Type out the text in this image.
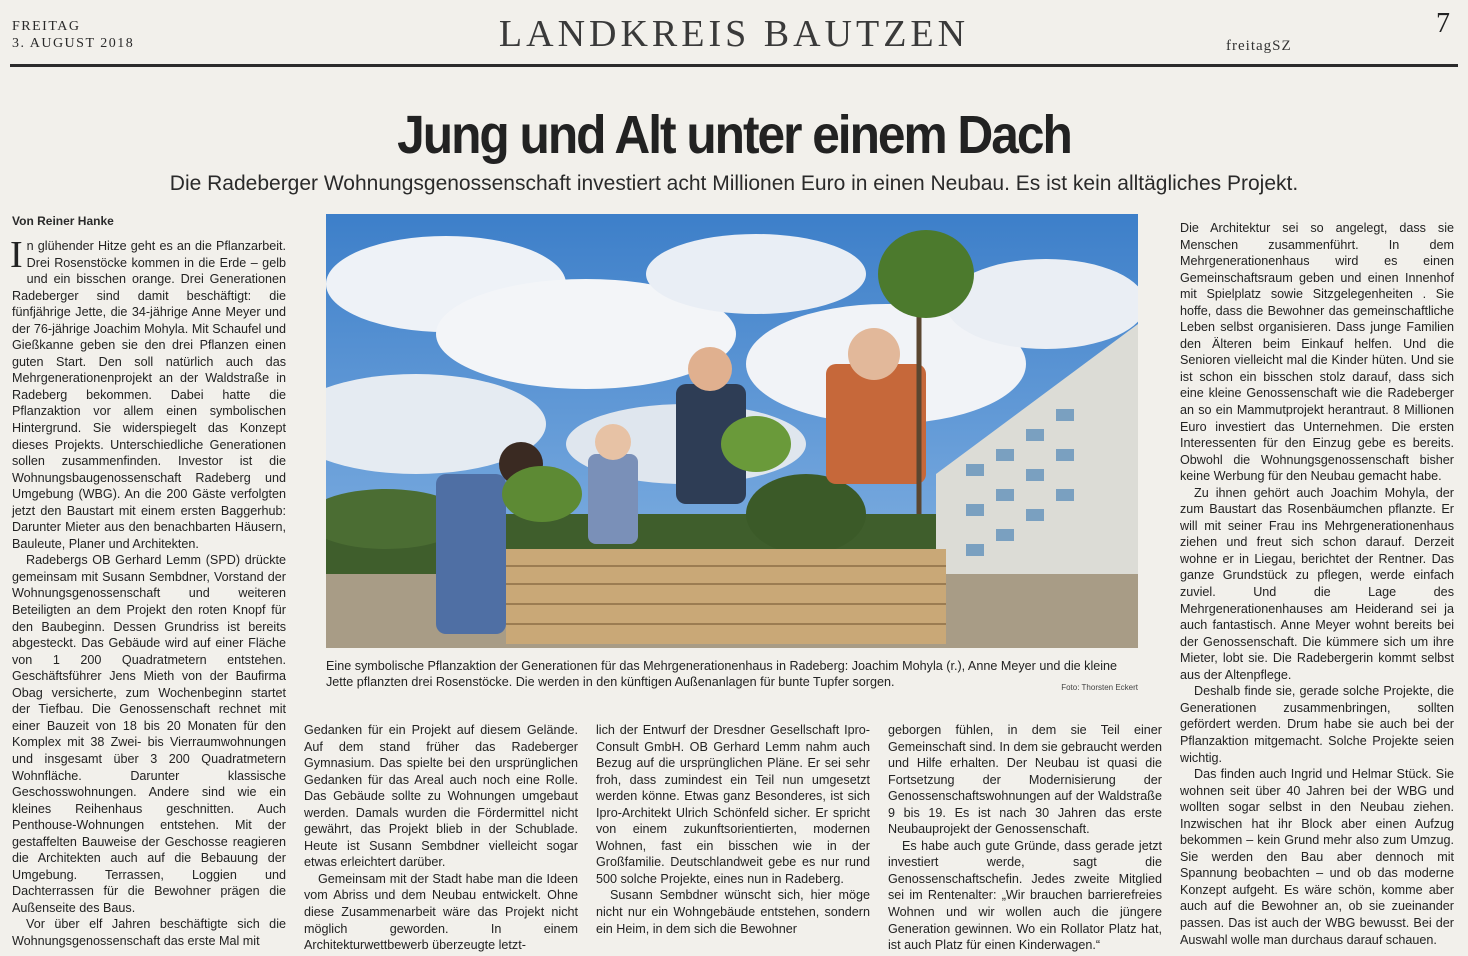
FREITAG
3. AUGUST 2018	LANDKREIS BAUTZEN	freitagSZ
7
Jung und Alt unter einem Dach
Die Radeberger Wohnungsgenossenschaft investiert acht Millionen Euro in einen Neubau. Es ist kein alltägliches Projekt.
Von Reiner Hanke

In glühender Hitze geht es an die Pflanzarbeit. Drei Rosenstöcke kommen in die Erde – gelb und ein bisschen orange. Drei Generationen Radeberger sind damit beschäftigt: die fünfjährige Jette, die 34-jährige Anne Meyer und der 76-jährige Joachim Mohyla. Mit Schaufel und Gießkanne geben sie den drei Pflanzen einen guten Start. Den soll natürlich auch das Mehrgenerationenprojekt an der Waldstraße in Radeberg bekommen. Dabei hatte die Pflanzaktion vor allem einen symbolischen Hintergrund. Sie widerspiegelt das Konzept dieses Projekts. Unterschiedliche Generationen sollen zusammenfinden. Investor ist die Wohnungsbaugenossenschaft Radeberg und Umgebung (WBG). An die 200 Gäste verfolgten jetzt den Baustart mit einem ersten Baggerhub: Darunter Mieter aus den benachbarten Häusern, Bauleute, Planer und Architekten.

Radebergs OB Gerhard Lemm (SPD) drückte gemeinsam mit Susann Sembdner, Vorstand der Wohnungsgenossenschaft und weiteren Beteiligten an dem Projekt den roten Knopf für den Baubeginn. Dessen Grundriss ist bereits abgesteckt. Das Gebäude wird auf einer Fläche von 1 200 Quadratmetern entstehen. Geschäftsführer Jens Mieth von der Baufirma Obag versicherte, zum Wochenbeginn startet der Tiefbau. Die Genossenschaft rechnet mit einer Bauzeit von 18 bis 20 Monaten für den Komplex mit 38 Zwei- bis Vierraumwohnungen und insgesamt über 3 200 Quadratmetern Wohnfläche. Darunter klassische Geschosswohnungen. Andere sind wie ein kleines Reihenhaus geschnitten. Auch Penthouse-Wohnungen entstehen. Mit der gestaffelten Bauweise der Geschosse reagieren die Architekten auch auf die Bebauung der Umgebung. Terrassen, Loggien und Dachterrassen für die Bewohner prägen die Außenseite des Baus.

Vor über elf Jahren beschäftigte sich die Wohnungsgenossenschaft das erste Mal mit

Eine symbolische Pflanzaktion der Generationen für das Mehrgenerationenhaus in Radeberg: Joachim Mohyla (r.), Anne Meyer und die kleine Jette pflanzten drei Rosenstöcke. Die werden in den künftigen Außenanlagen für bunte Tupfer sorgen.	Foto: Thorsten Eckert

Gedanken für ein Projekt auf diesem Gelände. Auf dem stand früher das Radeberger Gymnasium. Das spielte bei den ursprünglichen Gedanken für das Areal auch noch eine Rolle. Das Gebäude sollte zu Wohnungen umgebaut werden. Damals wurden die Fördermittel nicht gewährt, das Projekt blieb in der Schublade. Heute ist Susann Sembdner vielleicht sogar etwas erleichtert darüber.

Gemeinsam mit der Stadt habe man die Ideen vom Abriss und dem Neubau entwickelt. Ohne diese Zusammenarbeit wäre das Projekt nicht möglich geworden. In einem Architekturwettbewerb überzeugte letzt-

lich der Entwurf der Dresdner Gesellschaft Ipro-Consult GmbH. OB Gerhard Lemm nahm auch Bezug auf die ursprünglichen Pläne. Er sei sehr froh, dass zumindest ein Teil nun umgesetzt werden könne. Etwas ganz Besonderes, ist sich Ipro-Architekt Ulrich Schönfeld sicher. Er spricht von einem zukunftsorientierten, modernen Wohnen, fast ein bisschen wie in der Großfamilie. Deutschlandweit gebe es nur rund 500 solche Projekte, eines nun in Radeberg.

Susann Sembdner wünscht sich, hier möge nicht nur ein Wohngebäude entstehen, sondern ein Heim, in dem sich die Bewohner

geborgen fühlen, in dem sie Teil einer Gemeinschaft sind. In dem sie gebraucht werden und Hilfe erhalten. Der Neubau ist quasi die Fortsetzung der Modernisierung der Genossenschaftswohnungen auf der Waldstraße 9 bis 19. Es ist nach 30 Jahren das erste Neubauprojekt der Genossenschaft.

Es habe auch gute Gründe, dass gerade jetzt investiert werde, sagt die Genossenschaftschefin. Jedes zweite Mitglied sei im Rentenalter: „Wir brauchen barrierefreies Wohnen und wir wollen auch die jüngere Generation gewinnen. Wo ein Rollator Platz hat, ist auch Platz für einen Kinderwagen.“

Die Architektur sei so angelegt, dass sie Menschen zusammenführt. In dem Mehrgenerationenhaus wird es einen Gemeinschaftsraum geben und einen Innenhof mit Spielplatz sowie Sitzgelegenheiten . Sie hoffe, dass die Bewohner das gemeinschaftliche Leben selbst organisieren. Dass junge Familien den Älteren beim Einkauf helfen. Und die Senioren vielleicht mal die Kinder hüten. Und sie ist schon ein bisschen stolz darauf, dass sich eine kleine Genossenschaft wie die Radeberger an so ein Mammutprojekt herantraut. 8 Millionen Euro investiert das Unternehmen. Die ersten Interessenten für den Einzug gebe es bereits. Obwohl die Wohnungsgenossenschaft bisher keine Werbung für den Neubau gemacht habe.

Zu ihnen gehört auch Joachim Mohyla, der zum Baustart das Rosenbäumchen pflanzte. Er will mit seiner Frau ins Mehrgenerationenhaus ziehen und freut sich schon darauf. Derzeit wohne er in Liegau, berichtet der Rentner. Das ganze Grundstück zu pflegen, werde einfach zuviel. Und die Lage des Mehrgenerationenhauses am Heiderand sei ja auch fantastisch. Anne Meyer wohnt bereits bei der Genossenschaft. Die kümmere sich um ihre Mieter, lobt sie. Die Radebergerin kommt selbst aus der Altenpflege.

Deshalb finde sie, gerade solche Projekte, die Generationen zusammenbringen, sollten gefördert werden. Drum habe sie auch bei der Pflanzaktion mitgemacht. Solche Projekte seien wichtig.

Das finden auch Ingrid und Helmar Stück. Sie wohnen seit über 40 Jahren bei der WBG und wollten sogar selbst in den Neubau ziehen. Inzwischen hat ihr Block aber einen Aufzug bekommen – kein Grund mehr also zum Umzug. Sie werden den Bau aber dennoch mit Spannung beobachten – und ob das moderne Konzept aufgeht. Es wäre schön, komme aber auch auf die Bewohner an, ob sie zueinander passen. Das ist auch der WBG bewusst. Bei der Auswahl wolle man durchaus darauf schauen.
